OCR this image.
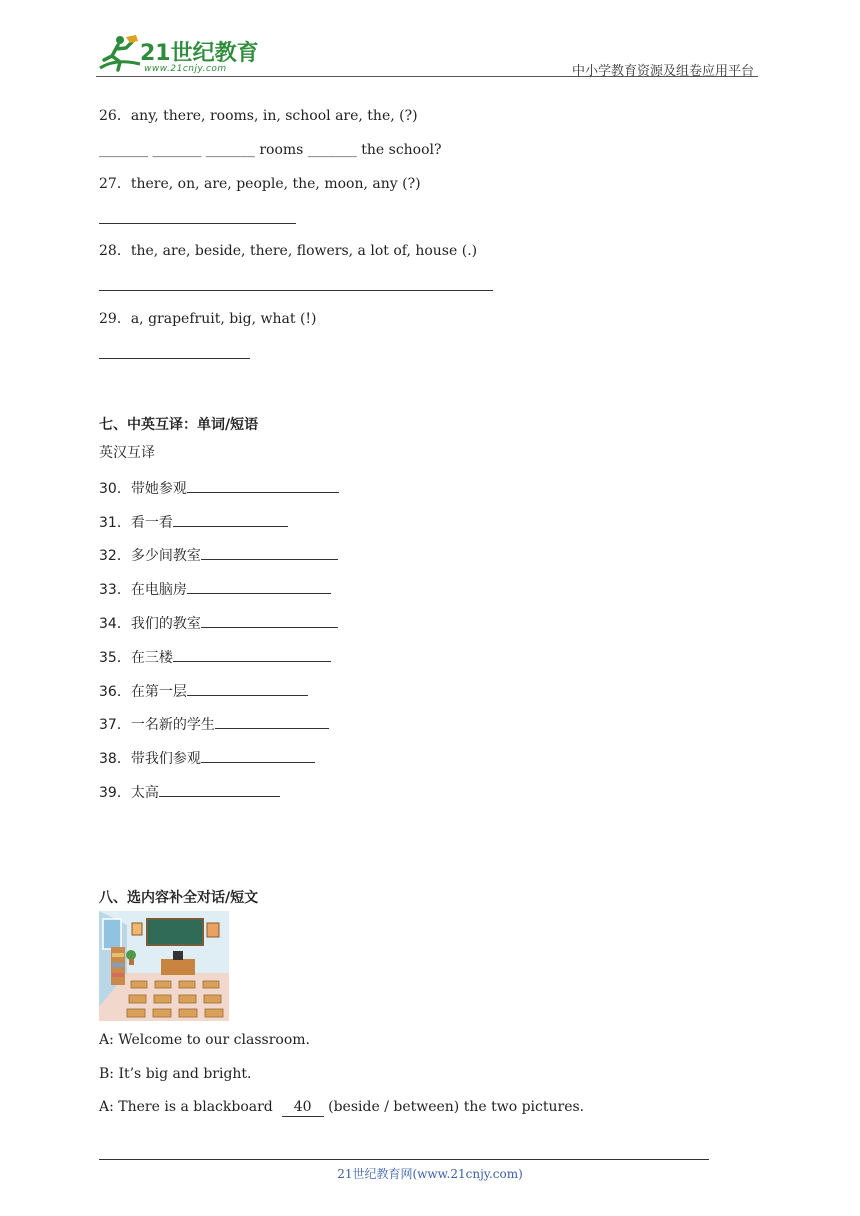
21世纪教育
www.21cnjy.com	中小学教育资源及组卷应用平台
26．any, there, rooms, in, school are, the, (?)
_______ _______ _______ rooms _______ the school?
27．there, on, are, people, the, moon, any (?)
28．the, are, beside, there, flowers, a lot of, house (.)
29．a, grapefruit, big, what (!)
七、中英互译：单词/短语
英汉互译
30．带她参观
31．看一看
32．多少间教室
33．在电脑房
34．我们的教室
35．在三楼
36．在第一层
37．一名新的学生
38．带我们参观
39．太高
八、选内容补全对话/短文
A: Welcome to our classroom.
B: It’s big and bright.
A: There is a blackboard  40 (beside / between) the two pictures.
21世纪教育网(www.21cnjy.com)
